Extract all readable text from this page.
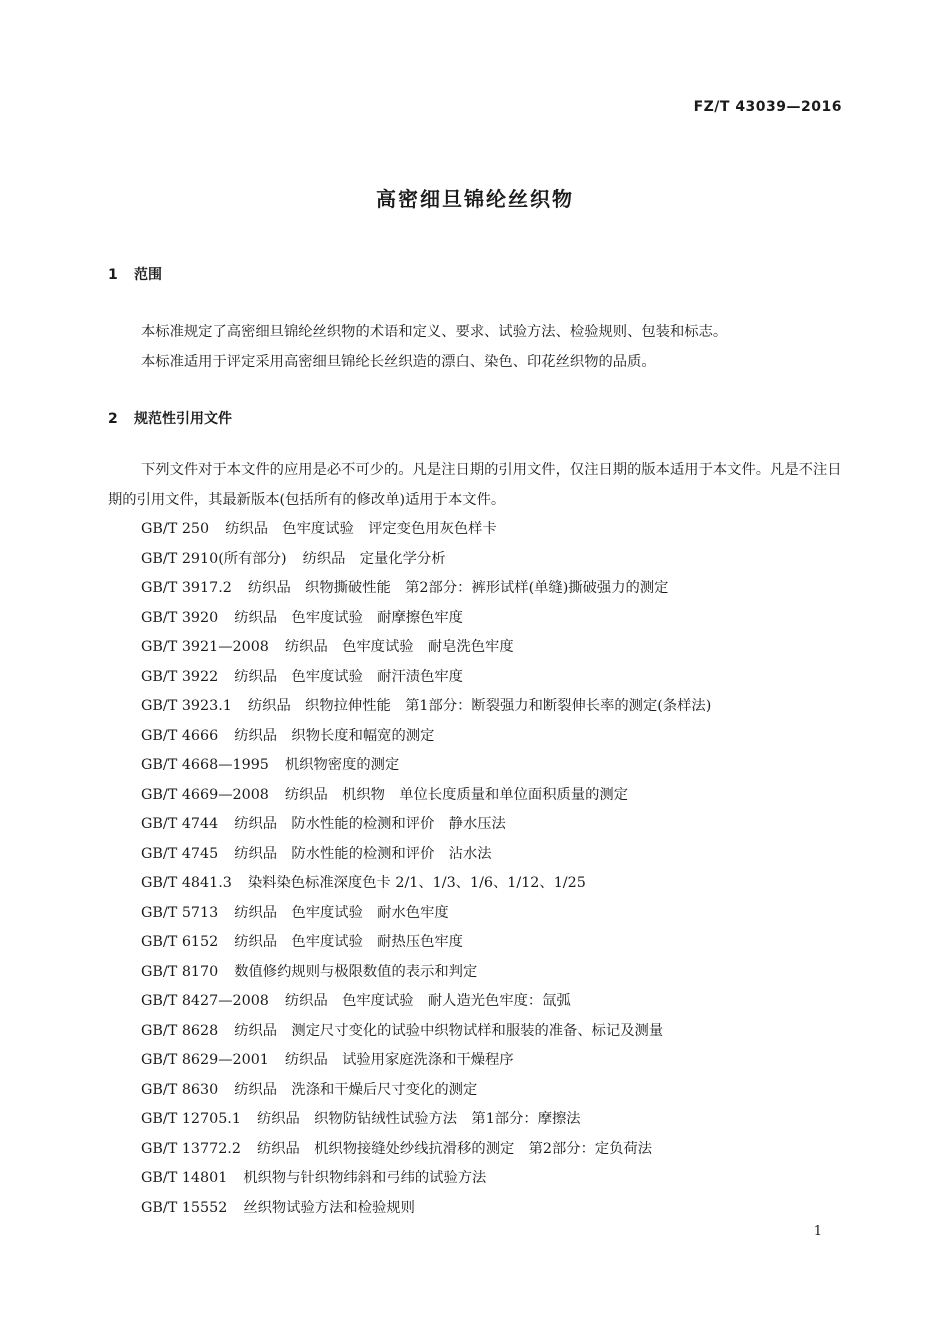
FZ/T 43039—2016
高密细旦锦纶丝织物
1 范围

本标准规定了高密细旦锦纶丝织物的术语和定义、要求、试验方法、检验规则、包装和标志。

本标准适用于评定采用高密细旦锦纶长丝织造的漂白、染色、印花丝织物的品质。

2 规范性引用文件

下列文件对于本文件的应用是必不可少的。凡是注日期的引用文件，仅注日期的版本适用于本文件。凡是不注日期的引用文件，其最新版本(包括所有的修改单)适用于本文件。

GB/T 250 纺织品　色牢度试验　评定变色用灰色样卡
GB/T 2910(所有部分) 纺织品　定量化学分析
GB/T 3917.2 纺织品　织物撕破性能　第2部分：裤形试样(单缝)撕破强力的测定
GB/T 3920 纺织品　色牢度试验　耐摩擦色牢度
GB/T 3921—2008 纺织品　色牢度试验　耐皂洗色牢度
GB/T 3922 纺织品　色牢度试验　耐汗渍色牢度
GB/T 3923.1 纺织品　织物拉伸性能　第1部分：断裂强力和断裂伸长率的测定(条样法)
GB/T 4666 纺织品　织物长度和幅宽的测定
GB/T 4668—1995 机织物密度的测定
GB/T 4669—2008 纺织品　机织物　单位长度质量和单位面积质量的测定
GB/T 4744 纺织品　防水性能的检测和评价　静水压法
GB/T 4745 纺织品　防水性能的检测和评价　沾水法
GB/T 4841.3 染料染色标准深度色卡 2/1、1/3、1/6、1/12、1/25
GB/T 5713 纺织品　色牢度试验　耐水色牢度
GB/T 6152 纺织品　色牢度试验　耐热压色牢度
GB/T 8170 数值修约规则与极限数值的表示和判定
GB/T 8427—2008 纺织品　色牢度试验　耐人造光色牢度：氙弧
GB/T 8628 纺织品　测定尺寸变化的试验中织物试样和服装的准备、标记及测量
GB/T 8629—2001 纺织品　试验用家庭洗涤和干燥程序
GB/T 8630 纺织品　洗涤和干燥后尺寸变化的测定
GB/T 12705.1 纺织品　织物防钻绒性试验方法　第1部分：摩擦法
GB/T 13772.2 纺织品　机织物接缝处纱线抗滑移的测定　第2部分：定负荷法
GB/T 14801 机织物与针织物纬斜和弓纬的试验方法
GB/T 15552 丝织物试验方法和检验规则
1
